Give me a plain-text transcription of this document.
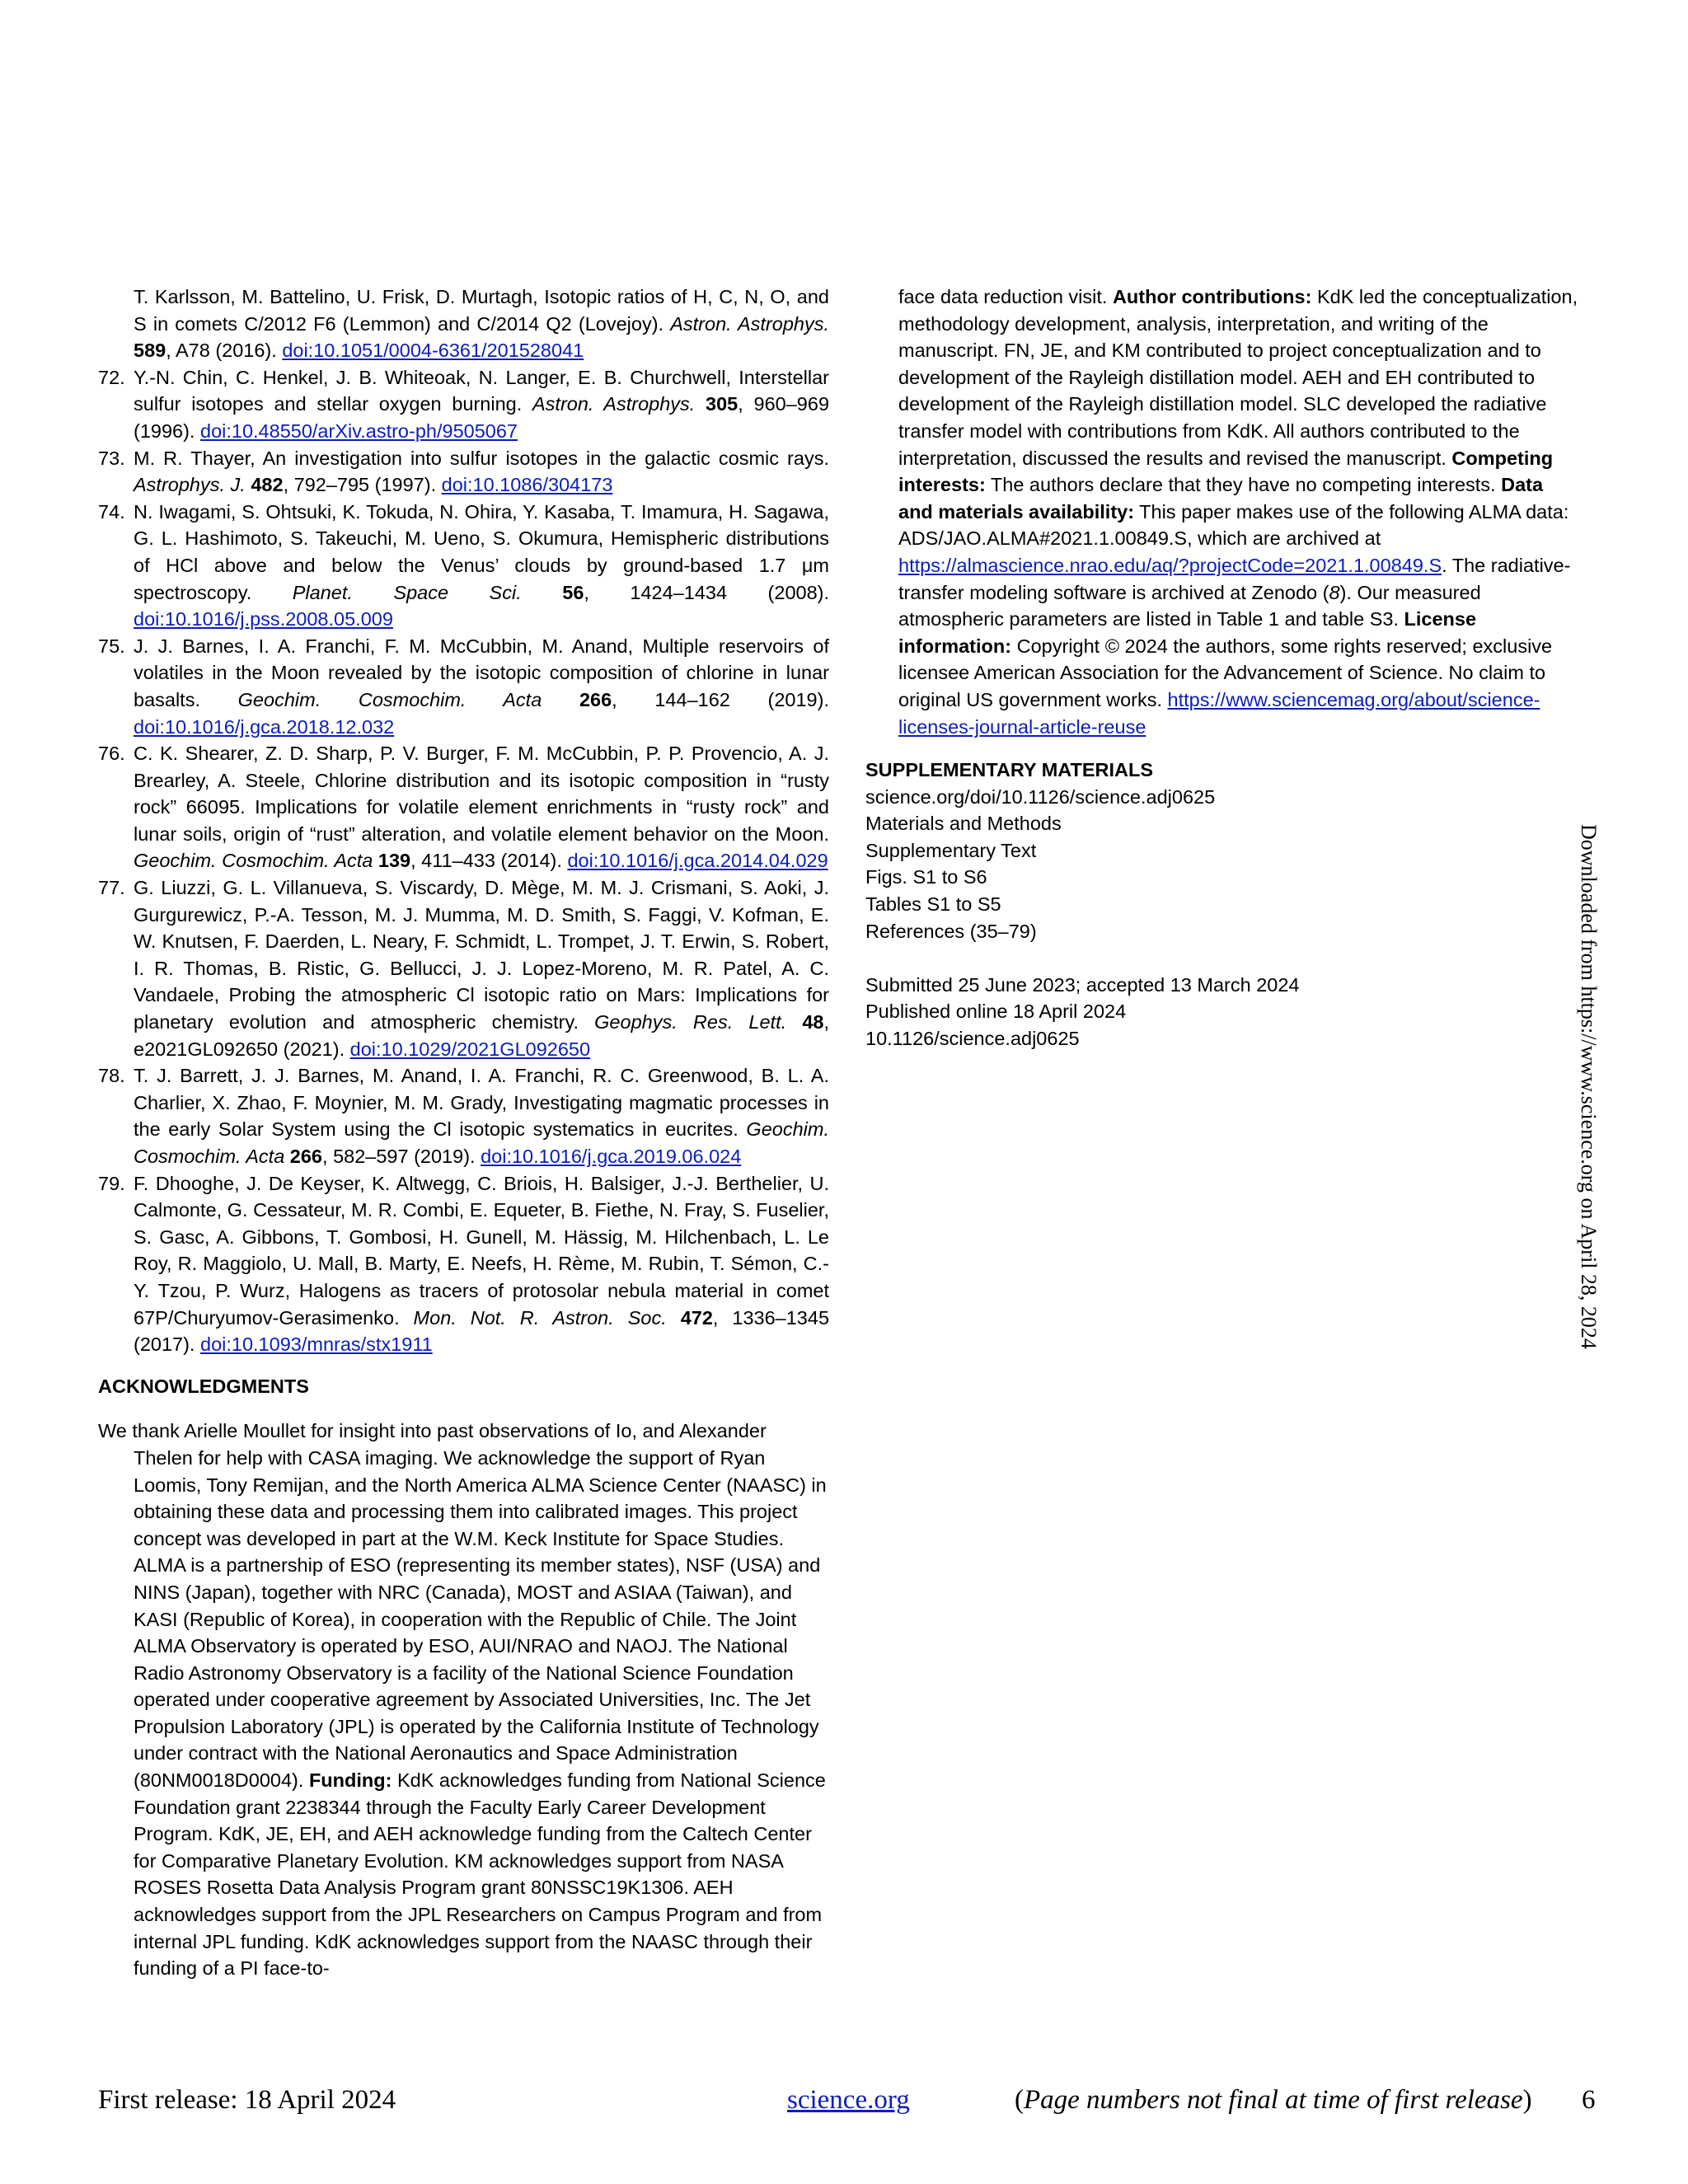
T. Karlsson, M. Battelino, U. Frisk, D. Murtagh, Isotopic ratios of H, C, N, O, and S in comets C/2012 F6 (Lemmon) and C/2014 Q2 (Lovejoy). Astron. Astrophys. 589, A78 (2016). doi:10.1051/0004-6361/201528041

72. Y.-N. Chin, C. Henkel, J. B. Whiteoak, N. Langer, E. B. Churchwell, Interstellar sulfur isotopes and stellar oxygen burning. Astron. Astrophys. 305, 960–969 (1996). doi:10.48550/arXiv.astro-ph/9505067

73. M. R. Thayer, An investigation into sulfur isotopes in the galactic cosmic rays. Astrophys. J. 482, 792–795 (1997). doi:10.1086/304173

74. N. Iwagami, S. Ohtsuki, K. Tokuda, N. Ohira, Y. Kasaba, T. Imamura, H. Sagawa, G. L. Hashimoto, S. Takeuchi, M. Ueno, S. Okumura, Hemispheric distributions of HCl above and below the Venus’ clouds by ground-based 1.7 μm spectroscopy. Planet. Space Sci. 56, 1424–1434 (2008). doi:10.1016/j.pss.2008.05.009

75. J. J. Barnes, I. A. Franchi, F. M. McCubbin, M. Anand, Multiple reservoirs of volatiles in the Moon revealed by the isotopic composition of chlorine in lunar basalts. Geochim. Cosmochim. Acta 266, 144–162 (2019). doi:10.1016/j.gca.2018.12.032

76. C. K. Shearer, Z. D. Sharp, P. V. Burger, F. M. McCubbin, P. P. Provencio, A. J. Brearley, A. Steele, Chlorine distribution and its isotopic composition in “rusty rock” 66095. Implications for volatile element enrichments in “rusty rock” and lunar soils, origin of “rust” alteration, and volatile element behavior on the Moon. Geochim. Cosmochim. Acta 139, 411–433 (2014). doi:10.1016/j.gca.2014.04.029

77. G. Liuzzi, G. L. Villanueva, S. Viscardy, D. Mège, M. M. J. Crismani, S. Aoki, J. Gurgurewicz, P.-A. Tesson, M. J. Mumma, M. D. Smith, S. Faggi, V. Kofman, E. W. Knutsen, F. Daerden, L. Neary, F. Schmidt, L. Trompet, J. T. Erwin, S. Robert, I. R. Thomas, B. Ristic, G. Bellucci, J. J. Lopez-Moreno, M. R. Patel, A. C. Vandaele, Probing the atmospheric Cl isotopic ratio on Mars: Implications for planetary evolution and atmospheric chemistry. Geophys. Res. Lett. 48, e2021GL092650 (2021). doi:10.1029/2021GL092650

78. T. J. Barrett, J. J. Barnes, M. Anand, I. A. Franchi, R. C. Greenwood, B. L. A. Charlier, X. Zhao, F. Moynier, M. M. Grady, Investigating magmatic processes in the early Solar System using the Cl isotopic systematics in eucrites. Geochim. Cosmochim. Acta 266, 582–597 (2019). doi:10.1016/j.gca.2019.06.024

79. F. Dhooghe, J. De Keyser, K. Altwegg, C. Briois, H. Balsiger, J.-J. Berthelier, U. Calmonte, G. Cessateur, M. R. Combi, E. Equeter, B. Fiethe, N. Fray, S. Fuselier, S. Gasc, A. Gibbons, T. Gombosi, H. Gunell, M. Hässig, M. Hilchenbach, L. Le Roy, R. Maggiolo, U. Mall, B. Marty, E. Neefs, H. Rème, M. Rubin, T. Sémon, C.-Y. Tzou, P. Wurz, Halogens as tracers of protosolar nebula material in comet 67P/Churyumov-Gerasimenko. Mon. Not. R. Astron. Soc. 472, 1336–1345 (2017). doi:10.1093/mnras/stx1911

ACKNOWLEDGMENTS

We thank Arielle Moullet for insight into past observations of Io, and Alexander Thelen for help with CASA imaging. We acknowledge the support of Ryan Loomis, Tony Remijan, and the North America ALMA Science Center (NAASC) in obtaining these data and processing them into calibrated images. This project concept was developed in part at the W.M. Keck Institute for Space Studies. ALMA is a partnership of ESO (representing its member states), NSF (USA) and NINS (Japan), together with NRC (Canada), MOST and ASIAA (Taiwan), and KASI (Republic of Korea), in cooperation with the Republic of Chile. The Joint ALMA Observatory is operated by ESO, AUI/NRAO and NAOJ. The National Radio Astronomy Observatory is a facility of the National Science Foundation operated under cooperative agreement by Associated Universities, Inc. The Jet Propulsion Laboratory (JPL) is operated by the California Institute of Technology under contract with the National Aeronautics and Space Administration (80NM0018D0004). Funding: KdK acknowledges funding from National Science Foundation grant 2238344 through the Faculty Early Career Development Program. KdK, JE, EH, and AEH acknowledge funding from the Caltech Center for Comparative Planetary Evolution. KM acknowledges support from NASA ROSES Rosetta Data Analysis Program grant 80NSSC19K1306. AEH acknowledges support from the JPL Researchers on Campus Program and from internal JPL funding. KdK acknowledges support from the NAASC through their funding of a PI face-to-

face data reduction visit. Author contributions: KdK led the conceptualization, methodology development, analysis, interpretation, and writing of the manuscript. FN, JE, and KM contributed to project conceptualization and to development of the Rayleigh distillation model. AEH and EH contributed to development of the Rayleigh distillation model. SLC developed the radiative transfer model with contributions from KdK. All authors contributed to the interpretation, discussed the results and revised the manuscript. Competing interests: The authors declare that they have no competing interests. Data and materials availability: This paper makes use of the following ALMA data: ADS/JAO.ALMA#2021.1.00849.S, which are archived at https://almascience.nrao.edu/aq/?projectCode=2021.1.00849.S. The radiative-transfer modeling software is archived at Zenodo (8). Our measured atmospheric parameters are listed in Table 1 and table S3. License information: Copyright © 2024 the authors, some rights reserved; exclusive licensee American Association for the Advancement of Science. No claim to original US government works. https://www.sciencemag.org/about/science-licenses-journal-article-reuse

SUPPLEMENTARY MATERIALS
science.org/doi/10.1126/science.adj0625
Materials and Methods
Supplementary Text
Figs. S1 to S6
Tables S1 to S5
References (35–79)
Submitted 25 June 2023; accepted 13 March 2024
Published online 18 April 2024
10.1126/science.adj0625	Downloaded from https://www.science.org on April 28, 2024
First release: 18 April 2024	science.org	(Page numbers not final at time of first release) 6
